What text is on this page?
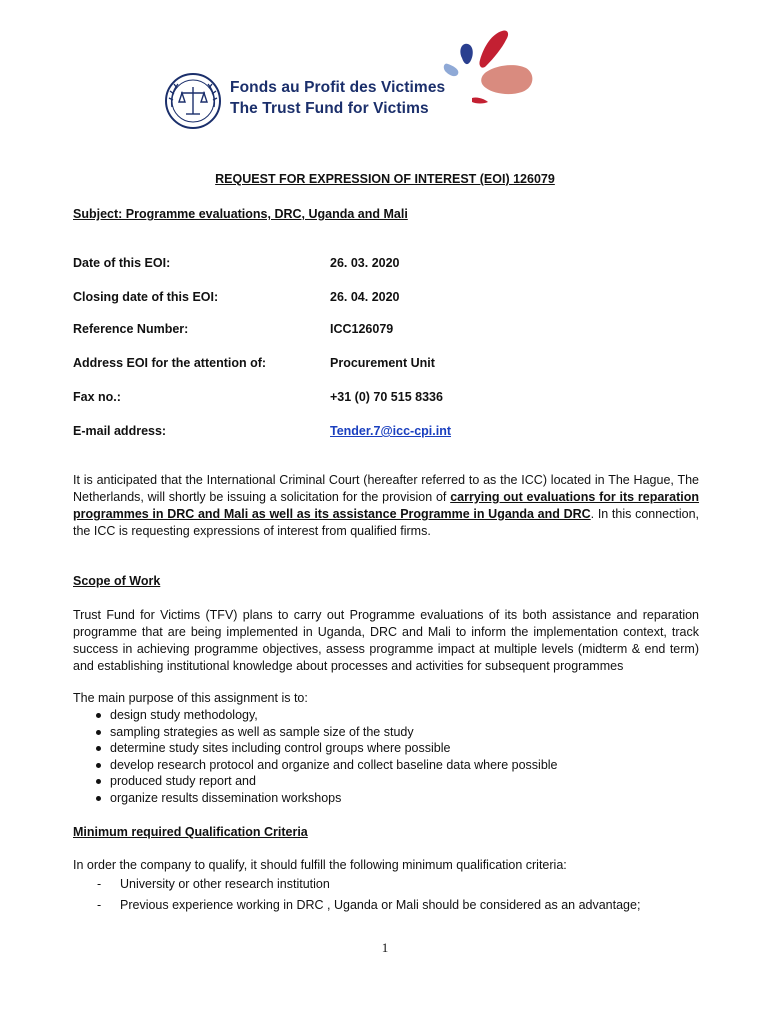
Fonds au Profit des Victimes
The Trust Fund for Victims
REQUEST FOR EXPRESSION OF INTEREST (EOI) 126079
Subject: Programme evaluations, DRC, Uganda and Mali
Date of this EOI:	26. 03. 2020
Closing date of this EOI:	26. 04. 2020
Reference Number:	ICC126079
Address EOI for the attention of:	Procurement Unit
Fax no.:	+31 (0) 70 515 8336
E-mail address:	Tender.7@icc-cpi.int
It is anticipated that the International Criminal Court (hereafter referred to as the ICC) located in The Hague, The Netherlands, will shortly be issuing a solicitation for the provision of carrying out evaluations for its reparation programmes in DRC and Mali as well as its assistance Programme in Uganda and DRC. In this connection, the ICC is requesting expressions of interest from qualified firms.
Scope of Work
Trust Fund for Victims (TFV) plans to carry out Programme evaluations of its both assistance and reparation programme that are being implemented in Uganda, DRC and Mali to inform the implementation context, track success in achieving programme objectives, assess programme impact at multiple levels (midterm & end term) and establishing institutional knowledge about processes and activities for subsequent programmes
The main purpose of this assignment is to:
design study methodology,
sampling strategies as well as sample size of the study
determine study sites including control groups where possible
develop research protocol and organize and collect baseline data where possible
produced study report and
organize results dissemination workshops
Minimum required Qualification Criteria
In order the company to qualify, it should fulfill the following minimum qualification criteria:
- University or other research institution
- Previous experience working in DRC , Uganda or Mali should be considered as an advantage;
1
